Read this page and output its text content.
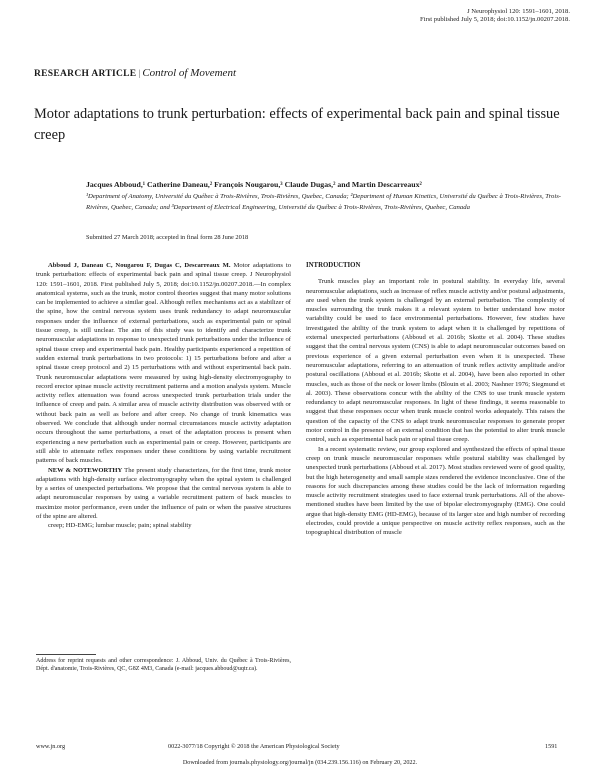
J Neurophysiol 120: 1591–1601, 2018.
First published July 5, 2018; doi:10.1152/jn.00207.2018.
RESEARCH ARTICLE | Control of Movement
Motor adaptations to trunk perturbation: effects of experimental back pain and spinal tissue creep
Jacques Abboud,¹ Catherine Daneau,² François Nougarou,³ Claude Dugas,² and Martin Descarreaux²
¹Department of Anatomy, Université du Québec à Trois-Rivières, Trois-Rivières, Quebec, Canada; ²Department of Human Kinetics, Université du Québec à Trois-Rivières, Trois-Rivières, Quebec, Canada; and ³Department of Electrical Engineering, Université du Québec à Trois-Rivières, Trois-Rivières, Quebec, Canada
Submitted 27 March 2018; accepted in final form 28 June 2018

Abboud J, Daneau C, Nougarou F, Dugas C, Descarreaux M. Motor adaptations to trunk perturbation: effects of experimental back pain and spinal tissue creep. J Neurophysiol 120: 1591–1601, 2018. First published July 5, 2018; doi:10.1152/jn.00207.2018.—In complex anatomical systems, such as the trunk, motor control theories suggest that many motor solutions can be implemented to achieve a similar goal. Although reflex mechanisms act as a stabilizer of the spine, how the central nervous system uses trunk redundancy to adapt neuromuscular responses under the influence of external perturbations, such as experimental pain or spinal tissue creep, is still unclear. The aim of this study was to identify and characterize trunk neuromuscular adaptations in response to unexpected trunk perturbations under the influence of spinal tissue creep and experimental back pain. Healthy participants experienced a repetition of sudden external trunk perturbations in two protocols: 1) 15 perturbations before and after a spinal tissue creep protocol and 2) 15 perturbations with and without experimental back pain. Trunk neuromuscular adaptations were measured by using high-density electromyography to record erector spinae muscle activity recruitment patterns and a motion analysis system. Muscle activity reflex attenuation was found across unexpected trunk perturbation trials under the influence of creep and pain. A similar area of muscle activity distribution was observed with or without back pain as well as before and after creep. No change of trunk kinematics was observed. We conclude that although under normal circumstances muscle activity adaptation occurs throughout the same perturbations, a reset of the adaptation process is present when experiencing a new perturbation such as experimental pain or creep. However, participants are still able to attenuate reflex responses under these conditions by using variable recruitment patterns of back muscles.

NEW & NOTEWORTHY The present study characterizes, for the first time, trunk motor adaptations with high-density surface electromyography when the spinal system is challenged by a series of unexpected perturbations. We propose that the central nervous system is able to adapt neuromuscular responses by using a variable recruitment pattern of back muscles to maximize motor performance, even under the influence of pain or when the passive structures of the spine are altered.

creep; HD-EMG; lumbar muscle; pain; spinal stability

Address for reprint requests and other correspondence: J. Abboud, Univ. du Québec à Trois-Rivières, Dépt. d'anatomie, Trois-Rivières, QC, G8Z 4M3, Canada (e-mail: jacques.abboud@uqtr.ca).
INTRODUCTION

Trunk muscles play an important role in postural stability. In everyday life, several neuromuscular adaptations, such as increase of reflex muscle activity and/or postural adjustments, are used when the trunk system is challenged by an external perturbation. The complexity of muscles surrounding the trunk makes it a relevant system to better understand how motor variability could be used to face environmental perturbations. However, few studies have investigated the ability of the trunk system to adapt when it is challenged by repetitions of external unexpected perturbations (Abboud et al. 2016b; Skotte et al. 2004). These studies suggest that the central nervous system (CNS) is able to adapt neuromuscular outcomes based on previous experience of a given external perturbation even when it is unexpected. These neuromuscular adaptations, referring to an attenuation of trunk reflex activity amplitude and/or postural oscillations (Abboud et al. 2016b; Skotte et al. 2004), have been also reported in other muscles, such as those of the neck or lower limbs (Blouin et al. 2003; Nashner 1976; Siegmund et al. 2003). These observations concur with the ability of the CNS to use trunk muscle system redundancy to adapt neuromuscular responses. In light of these findings, it seems reasonable to suggest that these responses occur when trunk muscle control works adequately. This raises the question of the capacity of the CNS to adapt trunk neuromuscular responses to generate proper motor control in the presence of an external condition that has the potential to alter trunk muscle control, such as experimental back pain or spinal tissue creep.

In a recent systematic review, our group explored and synthesized the effects of spinal tissue creep on trunk muscle neuromuscular responses while postural stability was challenged by unexpected trunk perturbations (Abboud et al. 2017). Most studies reviewed were of good quality, but the high heterogeneity and small sample sizes rendered the evidence inconclusive. One of the reasons for such discrepancies among these studies could be the lack of information regarding muscle activity recruitment strategies used to face external trunk perturbations. All of the above-mentioned studies have been limited by the use of bipolar electromyography (EMG). One could argue that high-density EMG (HD-EMG), because of its larger size and high number of recording electrodes, could provide a unique perspective on muscle activity reflex responses, such as the topographical distribution of muscle

www.jn.org	0022-3077/18 Copyright © 2018 the American Physiological Society	1591
Downloaded from journals.physiology.org/journal/jn (034.239.156.116) on February 20, 2022.
